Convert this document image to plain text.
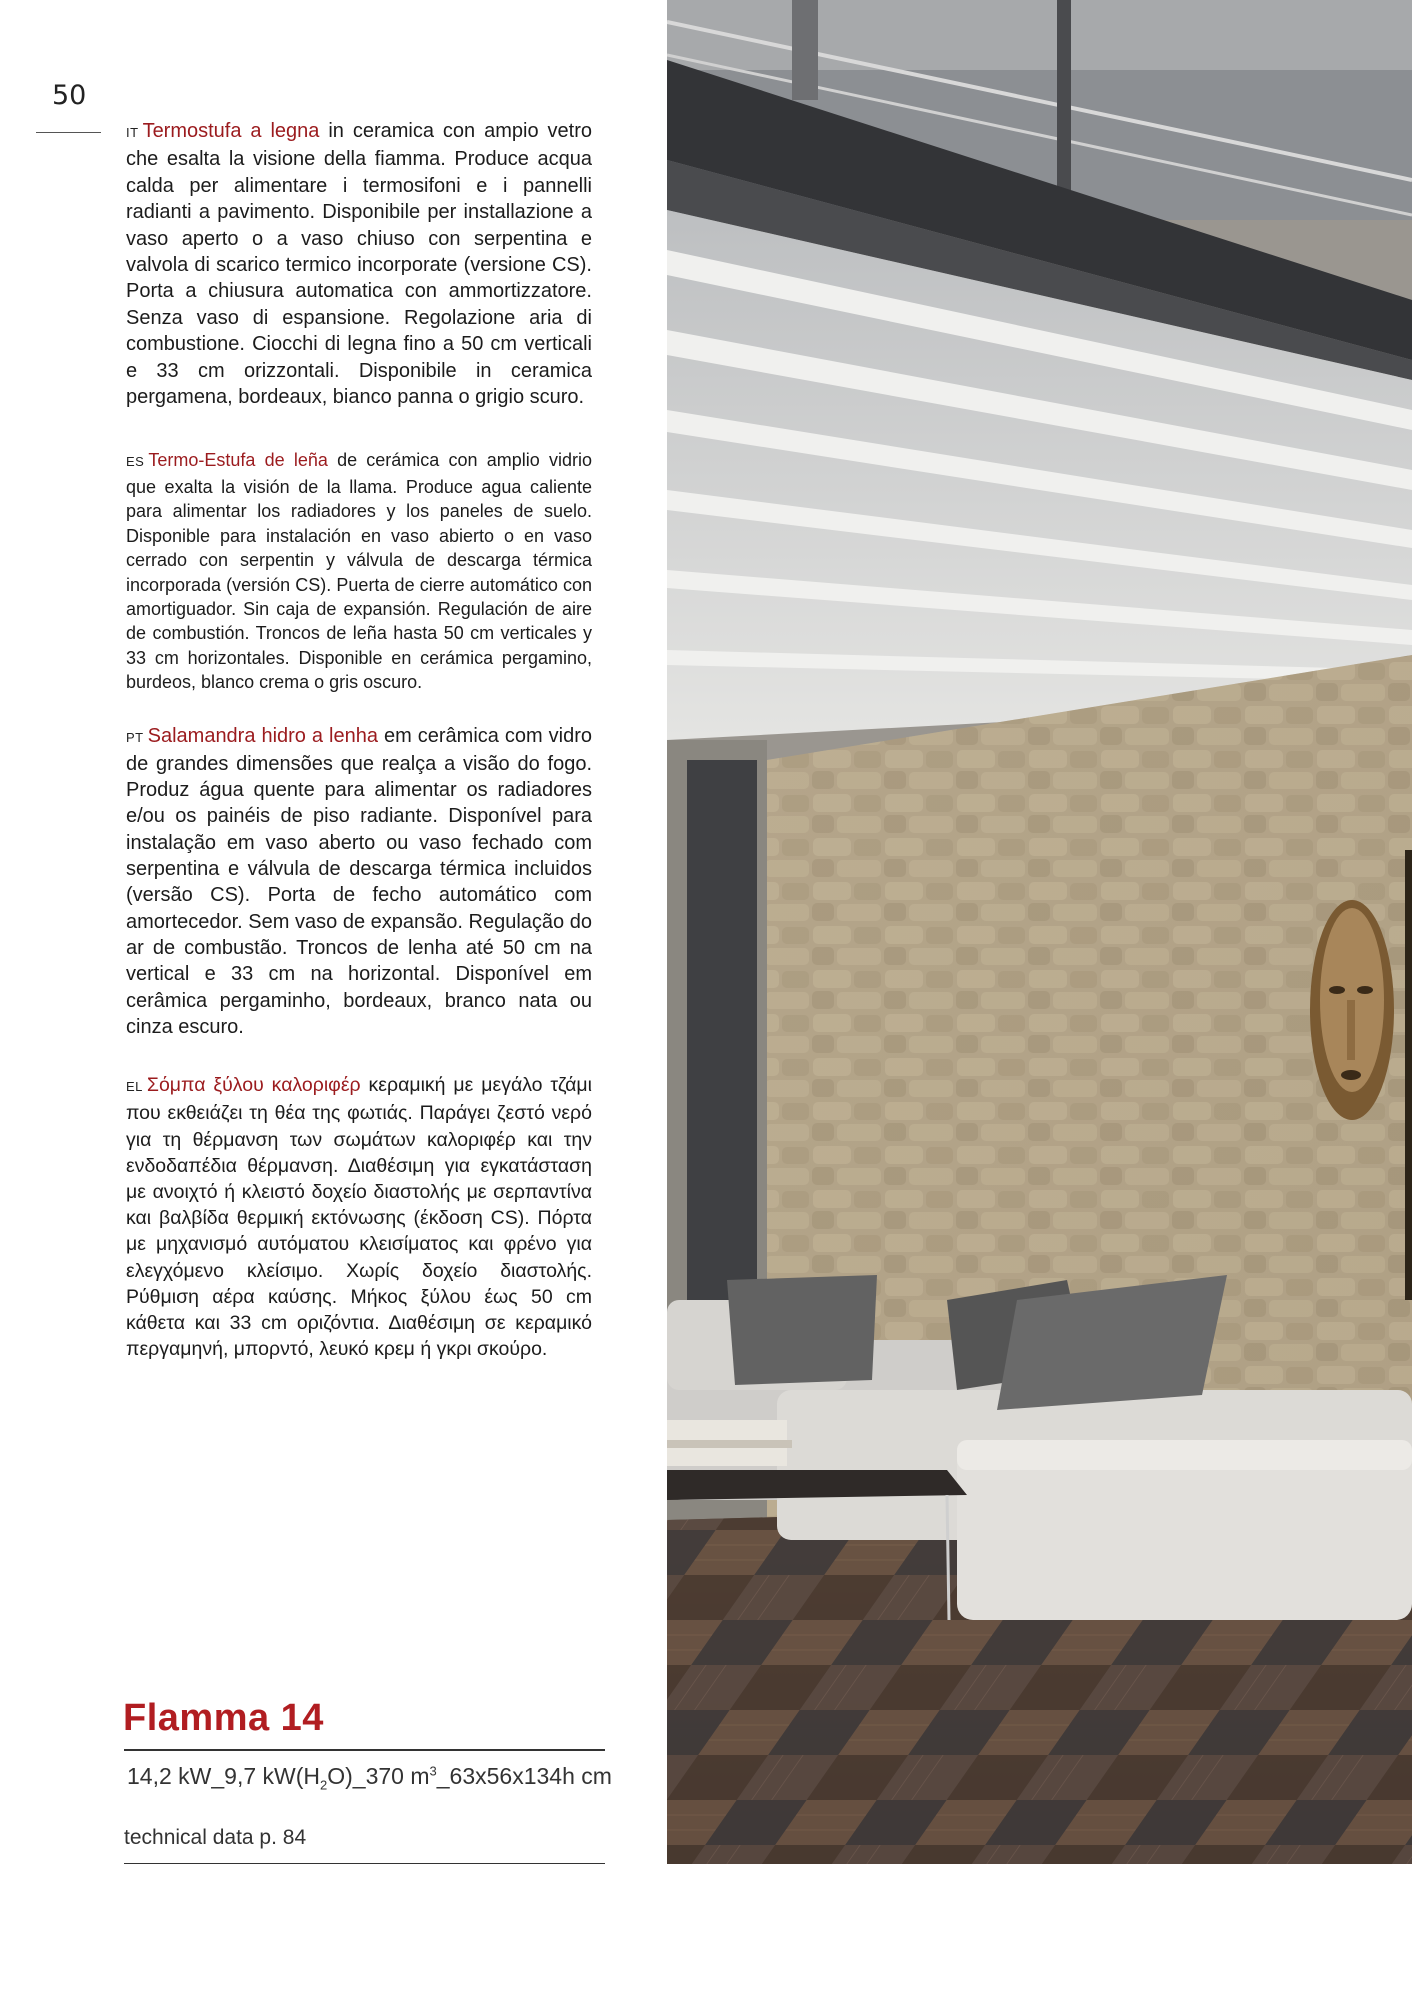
50

IT Termostufa a legna in ceramica con ampio vetro che esalta la visione della fiamma. Produce acqua calda per alimentare i termosifoni e i pannelli radianti a pavimento. Disponibile per installazione a vaso aperto o a vaso chiuso con serpentina e valvola di scarico termico incorporate (versione CS). Porta a chiusura automatica con ammortizzatore. Senza vaso di espansione. Regolazione aria di combustione. Ciocchi di legna fino a 50 cm verticali e 33 cm orizzontali. Disponibile in ceramica pergamena, bordeaux, bianco panna o grigio scuro.

ES Termo-Estufa de leña de cerámica con amplio vidrio que exalta la visión de la llama. Produce agua caliente para alimentar los radiadores y los paneles de suelo. Disponible para instalación en vaso abierto o en vaso cerrado con serpentin y válvula de descarga térmica incorporada (versión CS). Puerta de cierre automático con amortiguador. Sin caja de expansión. Regulación de aire de combustión. Troncos de leña hasta 50 cm verticales y 33 cm horizontales. Disponible en cerámica pergamino, burdeos, blanco crema o gris oscuro.

PT Salamandra hidro a lenha em cerâmica com vidro de grandes dimensões que realça a visão do fogo. Produz água quente para alimentar os radiadores e/ou os painéis de piso radiante. Disponível para instalação em vaso aberto ou vaso fechado com serpentina e válvula de descarga térmica incluidos (versão CS). Porta de fecho automático com amortecedor. Sem vaso de expansão. Regulação do ar de combustão. Troncos de lenha até 50 cm na vertical e 33 cm na horizontal. Disponível em cerâmica pergaminho, bordeaux, branco nata ou cinza escuro.

EL Σόμπα ξύλου καλοριφέρ κεραμική με μεγάλο τζάμι που εκθειάζει τη θέα της φωτιάς. Παράγει ζεστό νερό για τη θέρμανση των σωμάτων καλοριφέρ και την ενδοδαπέδια θέρμανση. Διαθέσιμη για εγκατάσταση με ανοιχτό ή κλειστό δοχείο διαστολής με σερπαντίνα και βαλβίδα θερμική εκτόνωσης (έκδοση CS). Πόρτα με μηχανισμό αυτόματου κλεισίματος και φρένο για ελεγχόμενο κλείσιμο. Χωρίς δοχείο διαστολής. Ρύθμιση αέρα καύσης. Μήκος ξύλου έως 50 cm κάθετα και 33 cm οριζόντια. Διαθέσιμη σε κεραμικό περγαμηνή, μπορντό, λευκό κρεμ ή γκρι σκούρο.

Flamma 14
14,2 kW_9,7 $kW(H_2O)\_370$ $m^3\_63x56x134h$ cm
technical data p. 84
